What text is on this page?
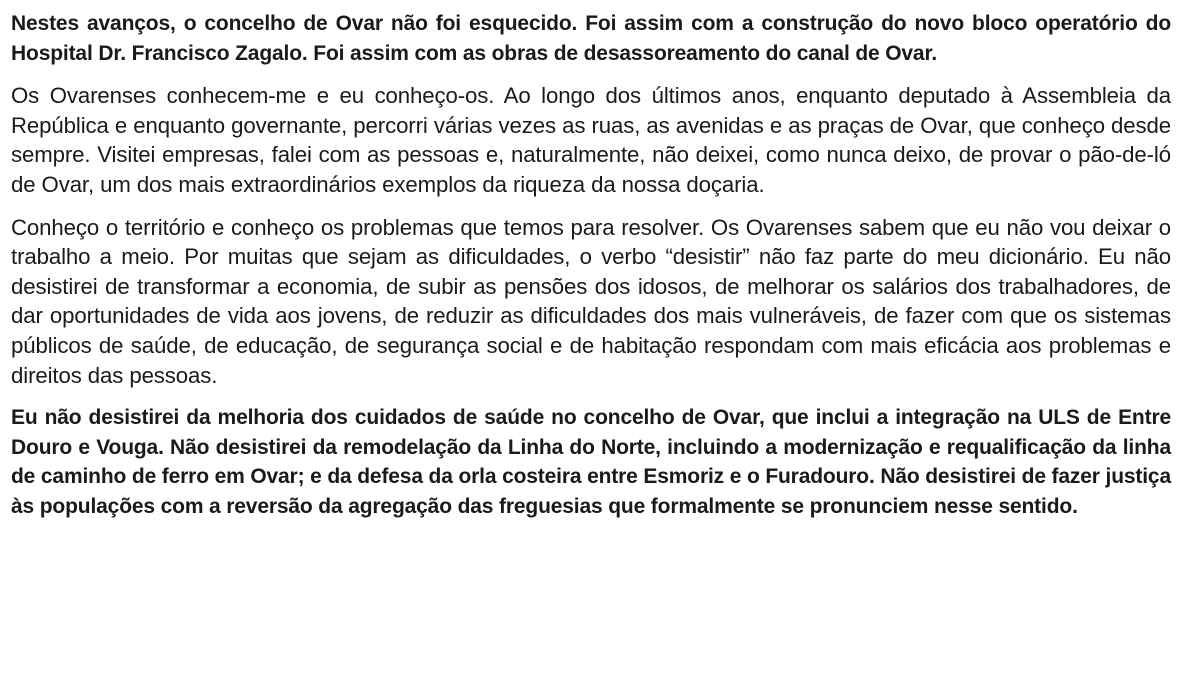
Nestes avanços, o concelho de Ovar não foi esquecido. Foi assim com a construção do novo bloco operatório do Hospital Dr. Francisco Zagalo. Foi assim com as obras de desassoreamento do canal de Ovar.

Os Ovarenses conhecem-me e eu conheço-os. Ao longo dos últimos anos, enquanto deputado à Assembleia da República e enquanto governante, percorri várias vezes as ruas, as avenidas e as praças de Ovar, que conheço desde sempre. Visitei empresas, falei com as pessoas e, naturalmente, não deixei, como nunca deixo, de provar o pão-de-ló de Ovar, um dos mais extraordinários exemplos da riqueza da nossa doçaria.

Conheço o território e conheço os problemas que temos para resolver. Os Ovarenses sabem que eu não vou deixar o trabalho a meio. Por muitas que sejam as dificuldades, o verbo “desistir” não faz parte do meu dicionário. Eu não desistirei de transformar a economia, de subir as pensões dos idosos, de melhorar os salários dos trabalhadores, de dar oportunidades de vida aos jovens, de reduzir as dificuldades dos mais vulneráveis, de fazer com que os sistemas públicos de saúde, de educação, de segurança social e de habitação respondam com mais eficácia aos problemas e direitos das pessoas.

Eu não desistirei da melhoria dos cuidados de saúde no concelho de Ovar, que inclui a integração na ULS de Entre Douro e Vouga. Não desistirei da remodelação da Linha do Norte, incluindo a modernização e requalificação da linha de caminho de ferro em Ovar; e da defesa da orla costeira entre Esmoriz e o Furadouro. Não desistirei de fazer justiça às populações com a reversão da agregação das freguesias que formalmente se pronunciem nesse sentido.
